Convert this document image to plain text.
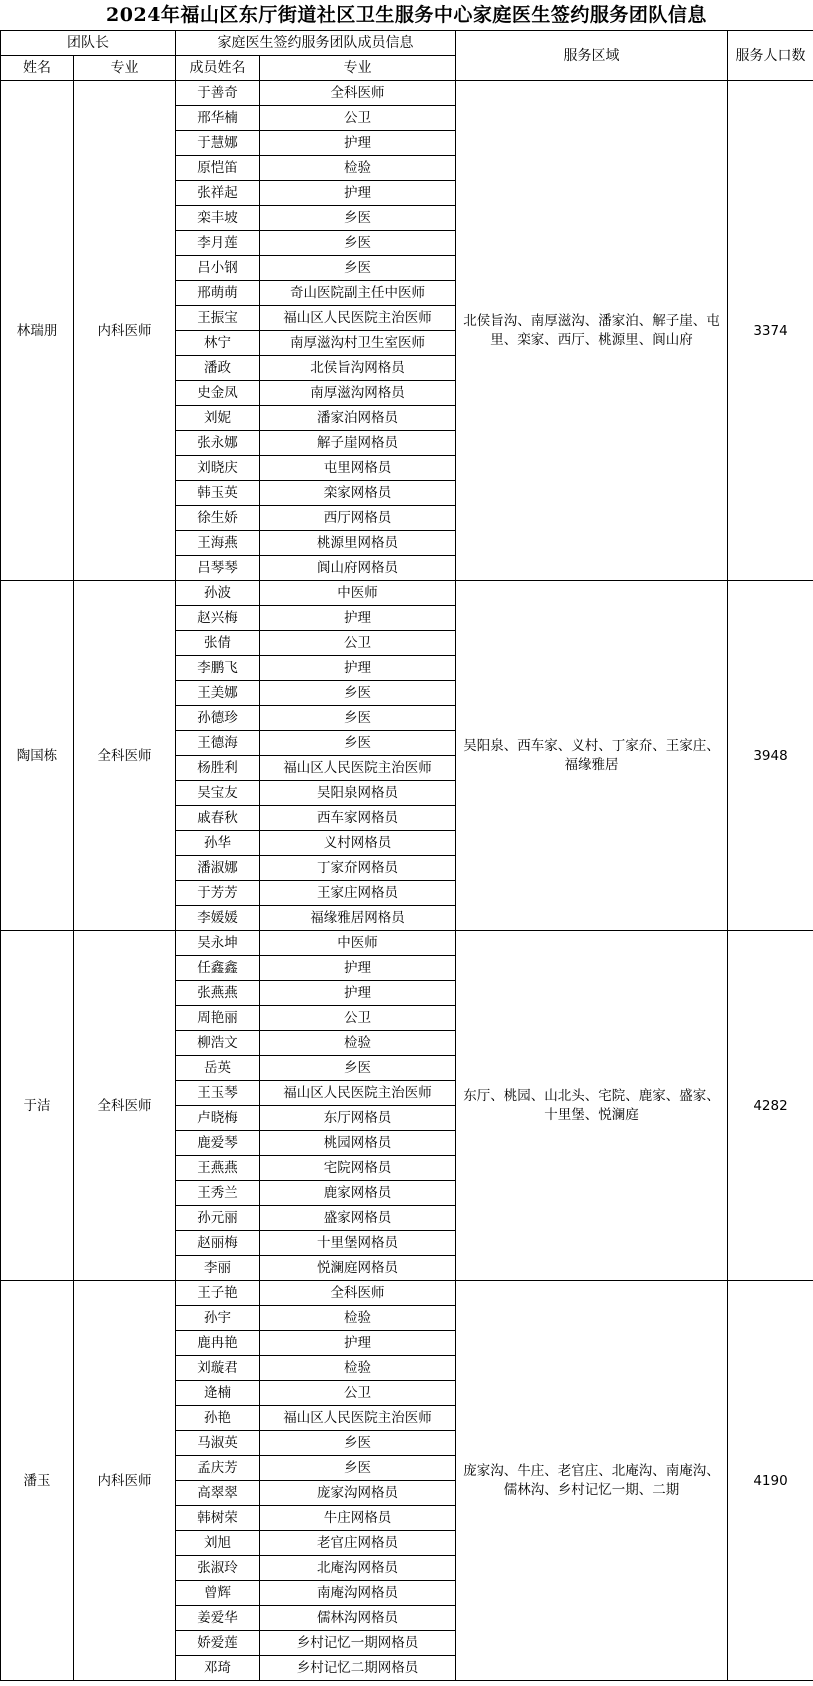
2024年福山区东厅街道社区卫生服务中心家庭医生签约服务团队信息
团队长		家庭医生签约服务团队成员信息		服务区域	服务人口数
姓名	专业	成员姓名	专业		
林瑞朋	内科医师	于善奇	全科医师	北侯旨沟、南厚滋沟、潘家泊、解子崖、屯里、栾家、西厅、桃源里、阆山府	3374
		邢华楠	公卫		
		于慧娜	护理		
		原恺笛	检验		
		张祥起	护理		
		栾丰坡	乡医		
		李月莲	乡医		
		吕小钢	乡医		
		邢萌萌	奇山医院副主任中医师		
		王振宝	福山区人民医院主治医师		
		林宁	南厚滋沟村卫生室医师		
		潘政	北侯旨沟网格员		
		史金凤	南厚滋沟网格员		
		刘妮	潘家泊网格员		
		张永娜	解子崖网格员		
		刘晓庆	屯里网格员		
		韩玉英	栾家网格员		
		徐生娇	西厅网格员		
		王海燕	桃源里网格员		
		吕琴琴	阆山府网格员		
陶国栋	全科医师	孙波	中医师	吴阳泉、西车家、义村、丁家夼、王家庄、福缘雅居	3948
		赵兴梅	护理		
		张倩	公卫		
		李鹏飞	护理		
		王美娜	乡医		
		孙德珍	乡医		
		王德海	乡医		
		杨胜利	福山区人民医院主治医师		
		吴宝友	吴阳泉网格员		
		戚春秋	西车家网格员		
		孙华	义村网格员		
		潘淑娜	丁家夼网格员		
		于芳芳	王家庄网格员		
		李媛媛	福缘雅居网格员		
于洁	全科医师	吴永坤	中医师	东厅、桃园、山北头、宅院、鹿家、盛家、十里堡、悦澜庭	4282
		任鑫鑫	护理		
		张燕燕	护理		
		周艳丽	公卫		
		柳浩文	检验		
		岳英	乡医		
		王玉琴	福山区人民医院主治医师		
		卢晓梅	东厅网格员		
		鹿爱琴	桃园网格员		
		王燕燕	宅院网格员		
		王秀兰	鹿家网格员		
		孙元丽	盛家网格员		
		赵丽梅	十里堡网格员		
		李丽	悦澜庭网格员		
潘玉	内科医师	王子艳	全科医师	庞家沟、牛庄、老官庄、北庵沟、南庵沟、儒林沟、乡村记忆一期、二期	4190
		孙宇	检验		
		鹿冉艳	护理		
		刘璇君	检验		
		逄楠	公卫		
		孙艳	福山区人民医院主治医师		
		马淑英	乡医		
		孟庆芳	乡医		
		高翠翠	庞家沟网格员		
		韩树荣	牛庄网格员		
		刘旭	老官庄网格员		
		张淑玲	北庵沟网格员		
		曾辉	南庵沟网格员		
		姜爱华	儒林沟网格员		
		娇爱莲	乡村记忆一期网格员		
		邓琦	乡村记忆二期网格员		
